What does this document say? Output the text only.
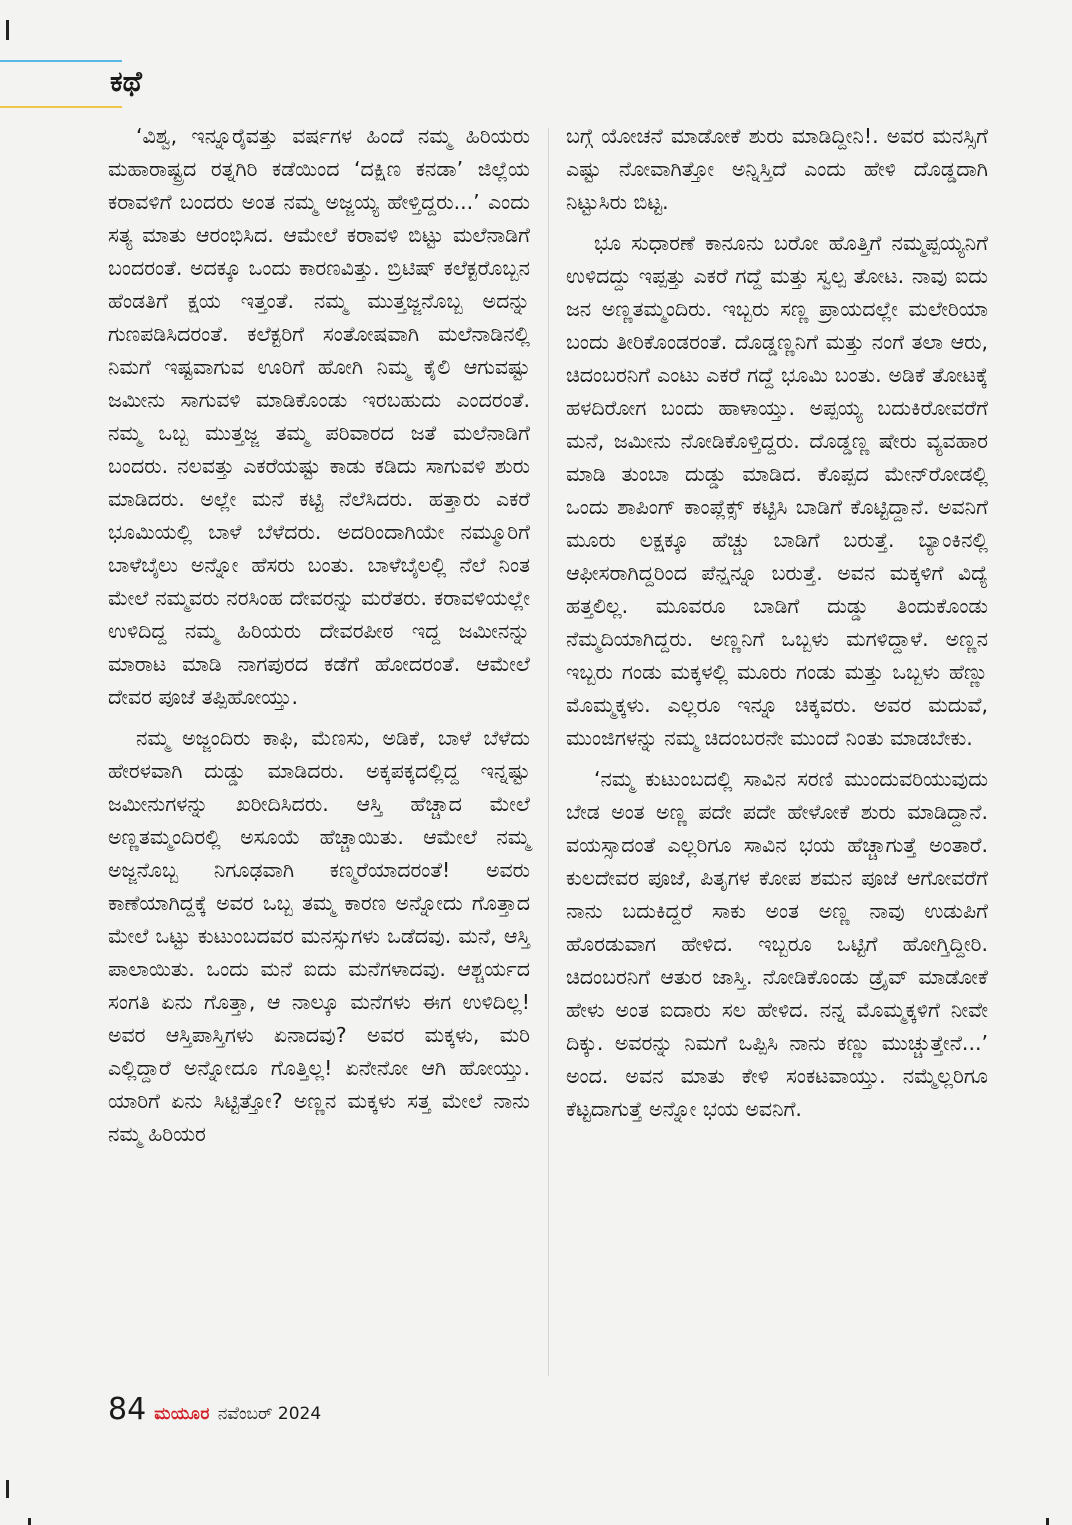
ಕಥೆ

‘ವಿಶ್ವ, ಇನ್ನೂರೈವತ್ತು ವರ್ಷಗಳ ಹಿಂದೆ ನಮ್ಮ ಹಿರಿಯರು ಮಹಾರಾಷ್ಟ್ರದ ರತ್ನಗಿರಿ ಕಡೆಯಿಂದ ‘ದಕ್ಷಿಣ ಕನಡಾ’ ಜಿಲ್ಲೆಯ ಕರಾವಳಿಗೆ ಬಂದರು ಅಂತ ನಮ್ಮ ಅಜ್ಜಯ್ಯ ಹೇಳ್ತಿದ್ದರು...’ ಎಂದು ಸತ್ಯ ಮಾತು ಆರಂಭಿಸಿದ. ಆಮೇಲೆ ಕರಾವಳಿ ಬಿಟ್ಟು ಮಲೆನಾಡಿಗೆ ಬಂದರಂತೆ. ಅದಕ್ಕೂ ಒಂದು ಕಾರಣವಿತ್ತು. ಬ್ರಿಟಿಷ್ ಕಲೆಕ್ಟರೊಬ್ಬನ ಹೆಂಡತಿಗೆ ಕ್ಷಯ ಇತ್ತಂತೆ. ನಮ್ಮ ಮುತ್ತಜ್ಜನೊಬ್ಬ ಅದನ್ನು ಗುಣಪಡಿಸಿದರಂತೆ. ಕಲೆಕ್ಟರಿಗೆ ಸಂತೋಷವಾಗಿ ಮಲೆನಾಡಿನಲ್ಲಿ ನಿಮಗೆ ಇಷ್ಟವಾಗುವ ಊರಿಗೆ ಹೋಗಿ ನಿಮ್ಮ ಕೈಲಿ ಆಗುವಷ್ಟು ಜಮೀನು ಸಾಗುವಳಿ ಮಾಡಿಕೊಂಡು ಇರಬಹುದು ಎಂದರಂತೆ. ನಮ್ಮ ಒಬ್ಬ ಮುತ್ತಜ್ಜ ತಮ್ಮ ಪರಿವಾರದ ಜತೆ ಮಲೆನಾಡಿಗೆ ಬಂದರು. ನಲವತ್ತು ಎಕರೆಯಷ್ಟು ಕಾಡು ಕಡಿದು ಸಾಗುವಳಿ ಶುರು ಮಾಡಿದರು. ಅಲ್ಲೇ ಮನೆ ಕಟ್ಟಿ ನೆಲೆಸಿದರು. ಹತ್ತಾರು ಎಕರೆ ಭೂಮಿಯಲ್ಲಿ ಬಾಳೆ ಬೆಳೆದರು. ಅದರಿಂದಾಗಿಯೇ ನಮ್ಮೂರಿಗೆ ಬಾಳೆಬೈಲು ಅನ್ನೋ ಹೆಸರು ಬಂತು. ಬಾಳೆಬೈಲಲ್ಲಿ ನೆಲೆ ನಿಂತ ಮೇಲೆ ನಮ್ಮವರು ನರಸಿಂಹ ದೇವರನ್ನು ಮರೆತರು. ಕರಾವಳಿಯಲ್ಲೇ ಉಳಿದಿದ್ದ ನಮ್ಮ ಹಿರಿಯರು ದೇವರಪೀಠ ಇದ್ದ ಜಮೀನನ್ನು ಮಾರಾಟ ಮಾಡಿ ನಾಗಪುರದ ಕಡೆಗೆ ಹೋದರಂತೆ. ಆಮೇಲೆ ದೇವರ ಪೂಜೆ ತಪ್ಪಿಹೋಯ್ತು.

ನಮ್ಮ ಅಜ್ಜಂದಿರು ಕಾಫಿ, ಮೆಣಸು, ಅಡಿಕೆ, ಬಾಳೆ ಬೆಳೆದು ಹೇರಳವಾಗಿ ದುಡ್ಡು ಮಾಡಿದರು. ಅಕ್ಕಪಕ್ಕದಲ್ಲಿದ್ದ ಇನ್ನಷ್ಟು ಜಮೀನುಗಳನ್ನು ಖರೀದಿಸಿದರು. ಆಸ್ತಿ ಹೆಚ್ಚಾದ ಮೇಲೆ ಅಣ್ಣತಮ್ಮಂದಿರಲ್ಲಿ ಅಸೂಯೆ ಹೆಚ್ಚಾಯಿತು. ಆಮೇಲೆ ನಮ್ಮ ಅಜ್ಜನೊಬ್ಬ ನಿಗೂಢವಾಗಿ ಕಣ್ಮರೆಯಾದರಂತೆ! ಅವರು ಕಾಣೆಯಾಗಿದ್ದಕ್ಕೆ ಅವರ ಒಬ್ಬ ತಮ್ಮ ಕಾರಣ ಅನ್ನೋದು ಗೊತ್ತಾದ ಮೇಲೆ ಒಟ್ಟು ಕುಟುಂಬದವರ ಮನಸ್ಸುಗಳು ಒಡೆದವು. ಮನೆ, ಆಸ್ತಿ ಪಾಲಾಯಿತು. ಒಂದು ಮನೆ ಐದು ಮನೆಗಳಾದವು. ಆಶ್ಚರ್ಯದ ಸಂಗತಿ ಏನು ಗೊತ್ತಾ, ಆ ನಾಲ್ಕೂ ಮನೆಗಳು ಈಗ ಉಳಿದಿಲ್ಲ! ಅವರ ಆಸ್ತಿಪಾಸ್ತಿಗಳು ಏನಾದವು? ಅವರ ಮಕ್ಕಳು, ಮರಿ ಎಲ್ಲಿದ್ದಾರೆ ಅನ್ನೋದೂ ಗೊತ್ತಿಲ್ಲ! ಏನೇನೋ ಆಗಿ ಹೋಯ್ತು. ಯಾರಿಗೆ ಏನು ಸಿಟ್ಟಿತ್ತೋ? ಅಣ್ಣನ ಮಕ್ಕಳು ಸತ್ತ ಮೇಲೆ ನಾನು ನಮ್ಮ ಹಿರಿಯರ

ಬಗ್ಗೆ ಯೋಚನೆ ಮಾಡೋಕೆ ಶುರು ಮಾಡಿದ್ದೀನಿ!. ಅವರ ಮನಸ್ಸಿಗೆ ಎಷ್ಟು ನೋವಾಗಿತ್ತೋ ಅನ್ನಿಸ್ತಿದೆ ಎಂದು ಹೇಳಿ ದೊಡ್ಡದಾಗಿ ನಿಟ್ಟುಸಿರು ಬಿಟ್ಟ.

ಭೂ ಸುಧಾರಣೆ ಕಾನೂನು ಬರೋ ಹೊತ್ತಿಗೆ ನಮ್ಮಪ್ಪಯ್ಯನಿಗೆ ಉಳಿದದ್ದು ಇಪ್ಪತ್ತು ಎಕರೆ ಗದ್ದೆ ಮತ್ತು ಸ್ವಲ್ಪ ತೋಟ. ನಾವು ಐದು ಜನ ಅಣ್ಣತಮ್ಮಂದಿರು. ಇಬ್ಬರು ಸಣ್ಣ ಪ್ರಾಯದಲ್ಲೇ ಮಲೇರಿಯಾ ಬಂದು ತೀರಿಕೊಂಡರಂತೆ. ದೊಡ್ಡಣ್ಣನಿಗೆ ಮತ್ತು ನಂಗೆ ತಲಾ ಆರು, ಚಿದಂಬರನಿಗೆ ಎಂಟು ಎಕರೆ ಗದ್ದೆ ಭೂಮಿ ಬಂತು. ಅಡಿಕೆ ತೋಟಕ್ಕೆ ಹಳದಿರೋಗ ಬಂದು ಹಾಳಾಯ್ತು. ಅಪ್ಪಯ್ಯ ಬದುಕಿರೋವರೆಗೆ ಮನೆ, ಜಮೀನು ನೋಡಿಕೊಳ್ತಿದ್ದರು. ದೊಡ್ಡಣ್ಣ ಷೇರು ವ್ಯವಹಾರ ಮಾಡಿ ತುಂಬಾ ದುಡ್ಡು ಮಾಡಿದ. ಕೊಪ್ಪದ ಮೇನ್‌ರೋಡಲ್ಲಿ ಒಂದು ಶಾಪಿಂಗ್ ಕಾಂಪ್ಲೆಕ್ಸ್ ಕಟ್ಟಿಸಿ ಬಾಡಿಗೆ ಕೊಟ್ಟಿದ್ದಾನೆ. ಅವನಿಗೆ ಮೂರು ಲಕ್ಷಕ್ಕೂ ಹೆಚ್ಚು ಬಾಡಿಗೆ ಬರುತ್ತೆ. ಬ್ಯಾಂಕಿನಲ್ಲಿ ಆಫೀಸರಾಗಿದ್ದರಿಂದ ಪೆನ್ಷನ್ನೂ ಬರುತ್ತೆ. ಅವನ ಮಕ್ಕಳಿಗೆ ವಿದ್ಯೆ ಹತ್ತಲಿಲ್ಲ. ಮೂವರೂ ಬಾಡಿಗೆ ದುಡ್ಡು ತಿಂದುಕೊಂಡು ನೆಮ್ಮದಿಯಾಗಿದ್ದರು. ಅಣ್ಣನಿಗೆ ಒಬ್ಬಳು ಮಗಳಿದ್ದಾಳೆ. ಅಣ್ಣನ ಇಬ್ಬರು ಗಂಡು ಮಕ್ಕಳಲ್ಲಿ ಮೂರು ಗಂಡು ಮತ್ತು ಒಬ್ಬಳು ಹೆಣ್ಣು ಮೊಮ್ಮಕ್ಕಳು. ಎಲ್ಲರೂ ಇನ್ನೂ ಚಿಕ್ಕವರು. ಅವರ ಮದುವೆ, ಮುಂಜಿಗಳನ್ನು ನಮ್ಮ ಚಿದಂಬರನೇ ಮುಂದೆ ನಿಂತು ಮಾಡಬೇಕು.

‘ನಮ್ಮ ಕುಟುಂಬದಲ್ಲಿ ಸಾವಿನ ಸರಣಿ ಮುಂದುವರಿಯುವುದು ಬೇಡ ಅಂತ ಅಣ್ಣ ಪದೇ ಪದೇ ಹೇಳೋಕೆ ಶುರು ಮಾಡಿದ್ದಾನೆ. ವಯಸ್ಸಾದಂತೆ ಎಲ್ಲರಿಗೂ ಸಾವಿನ ಭಯ ಹೆಚ್ಚಾಗುತ್ತೆ ಅಂತಾರೆ. ಕುಲದೇವರ ಪೂಜೆ, ಪಿತೃಗಳ ಕೋಪ ಶಮನ ಪೂಜೆ ಆಗೋವರೆಗೆ ನಾನು ಬದುಕಿದ್ದರೆ ಸಾಕು ಅಂತ ಅಣ್ಣ ನಾವು ಉಡುಪಿಗೆ ಹೊರಡುವಾಗ ಹೇಳಿದ. ಇಬ್ಬರೂ ಒಟ್ಟಿಗೆ ಹೋಗ್ತಿದ್ದೀರಿ. ಚಿದಂಬರನಿಗೆ ಆತುರ ಜಾಸ್ತಿ. ನೋಡಿಕೊಂಡು ಡ್ರೈವ್ ಮಾಡೋಕೆ ಹೇಳು ಅಂತ ಐದಾರು ಸಲ ಹೇಳಿದ. ನನ್ನ ಮೊಮ್ಮಕ್ಕಳಿಗೆ ನೀವೇ ದಿಕ್ಕು. ಅವರನ್ನು ನಿಮಗೆ ಒಪ್ಪಿಸಿ ನಾನು ಕಣ್ಣು ಮುಚ್ಚುತ್ತೇನೆ...’ ಅಂದ. ಅವನ ಮಾತು ಕೇಳಿ ಸಂಕಟವಾಯ್ತು. ನಮ್ಮೆಲ್ಲರಿಗೂ ಕೆಟ್ಟದಾಗುತ್ತೆ ಅನ್ನೋ ಭಯ ಅವನಿಗೆ.

84 ಮಯೂರ ನವೆಂಬರ್ 2024
